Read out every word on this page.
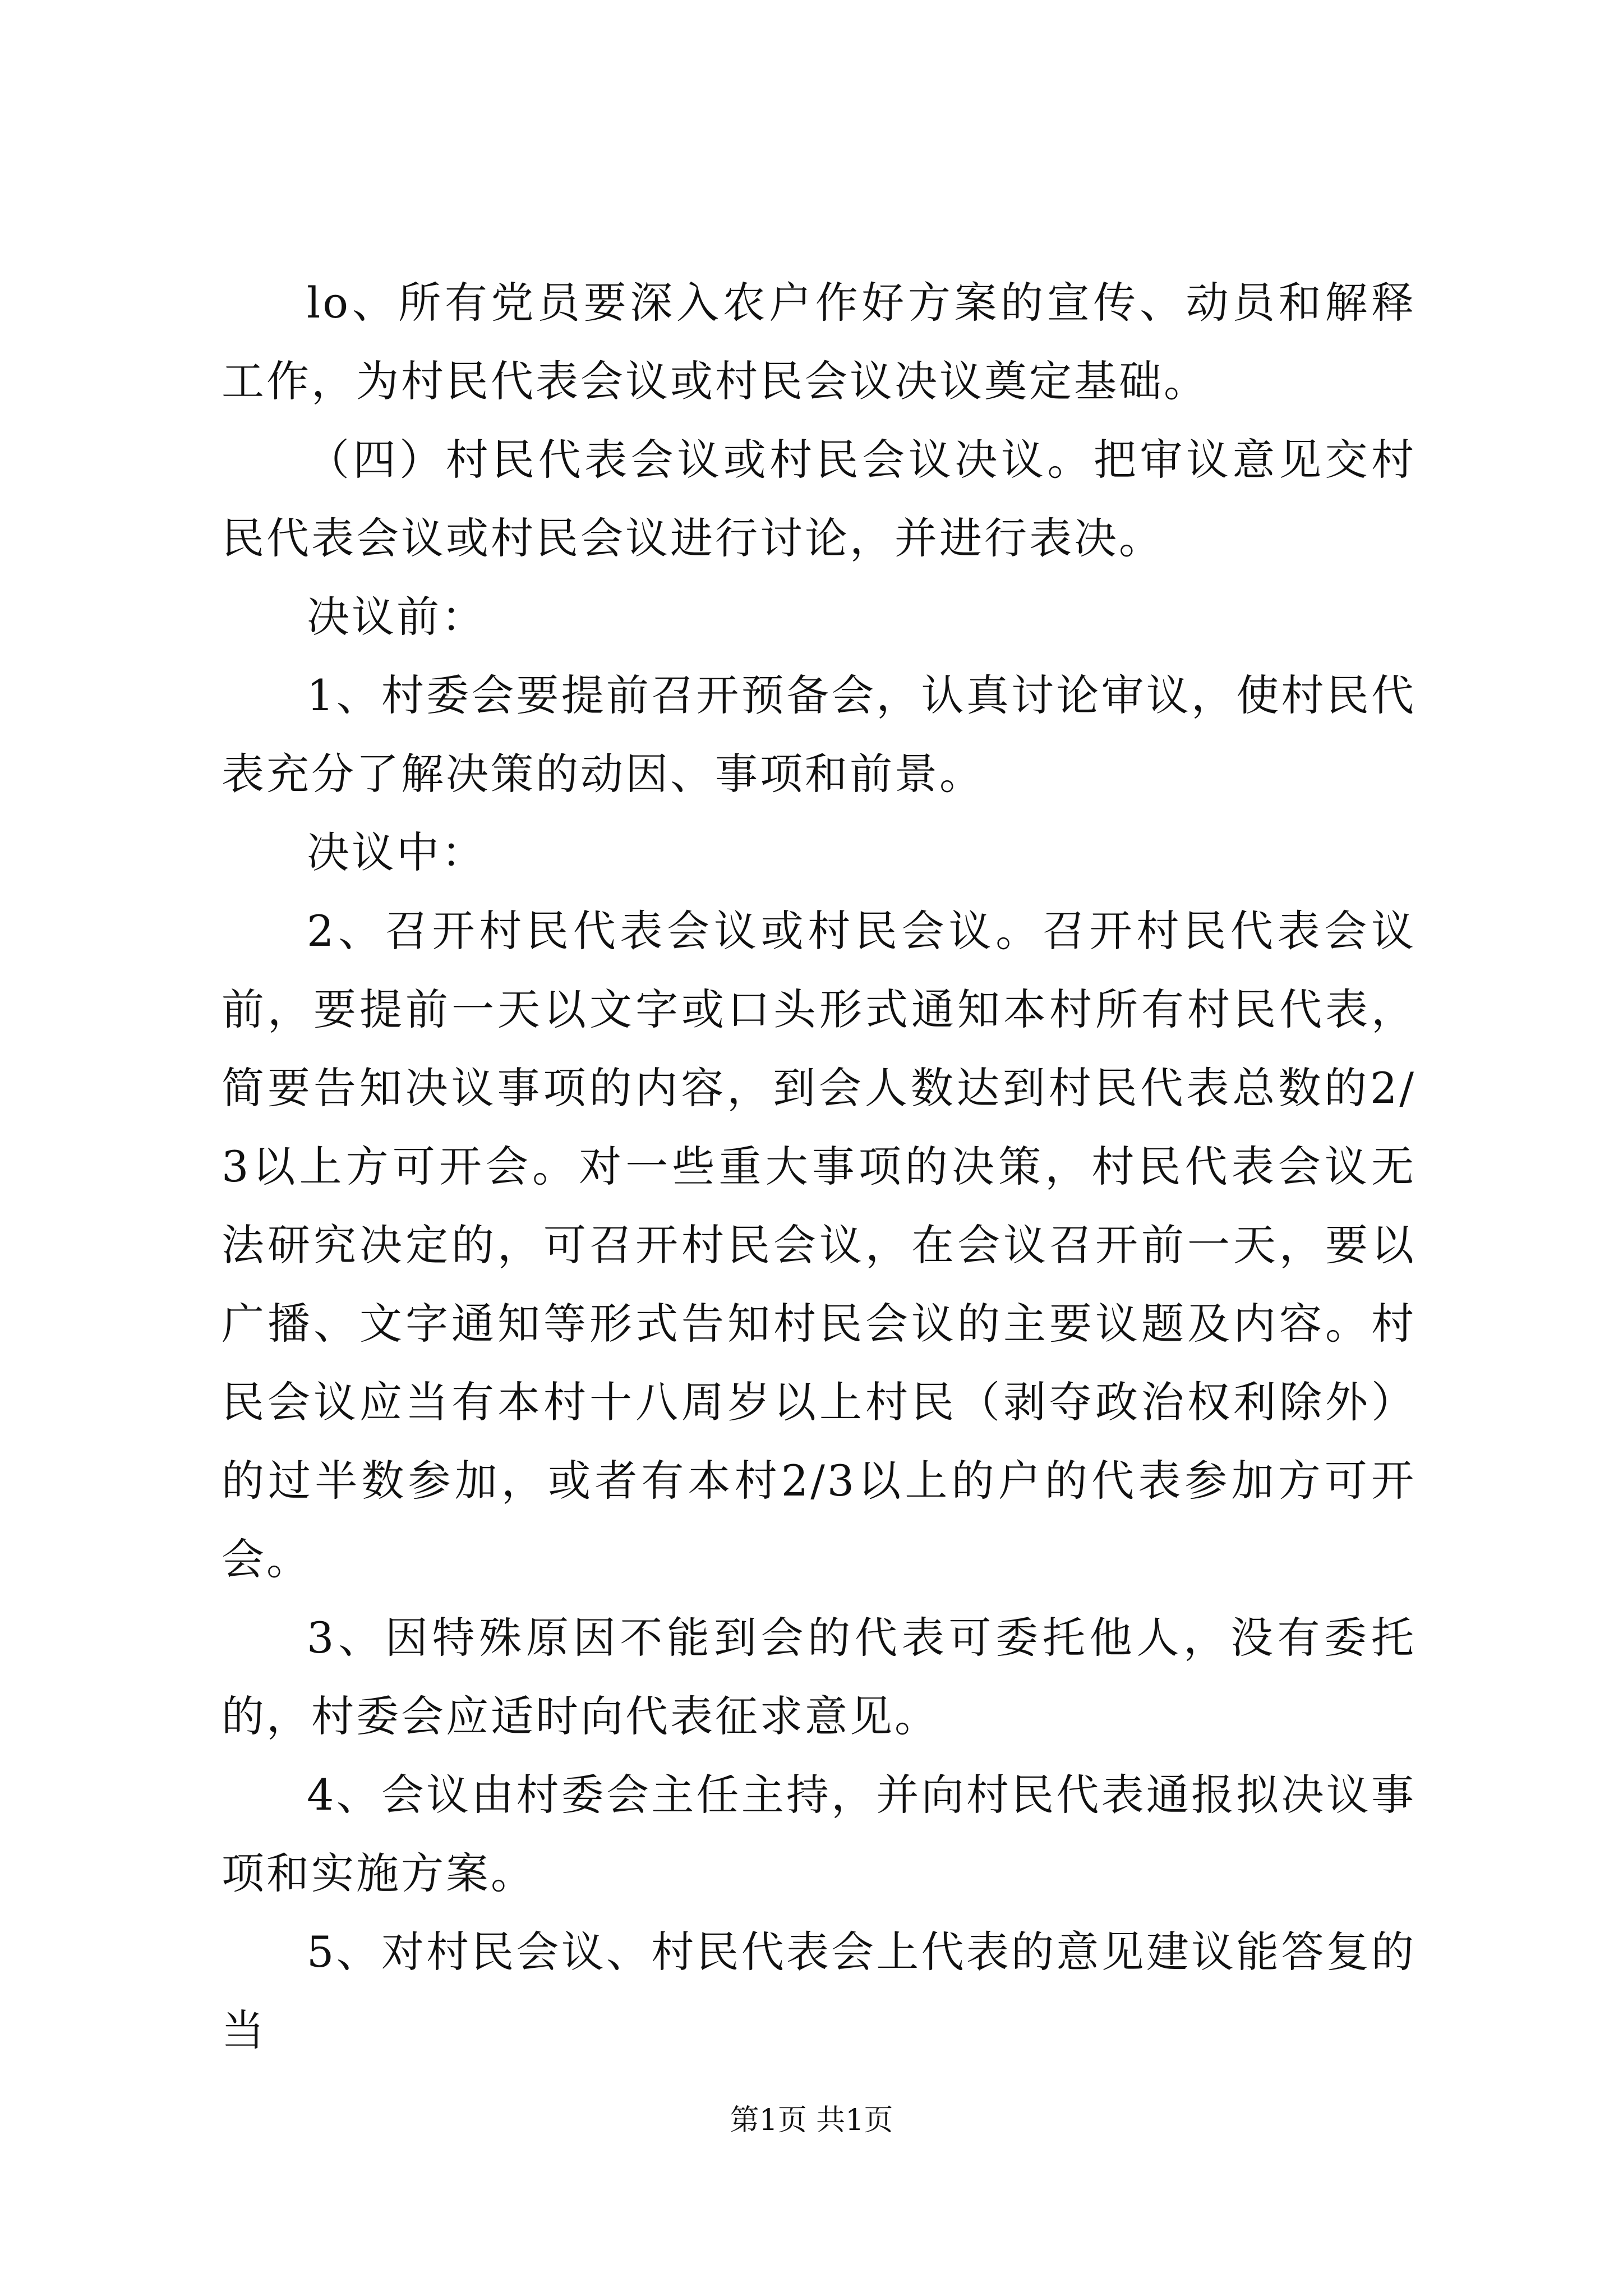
lo、所有党员要深入农户作好方案的宣传、动员和解释工作，为村民代表会议或村民会议决议奠定基础。

（四）村民代表会议或村民会议决议。把审议意见交村民代表会议或村民会议进行讨论，并进行表决。

决议前：

1、村委会要提前召开预备会，认真讨论审议，使村民代表充分了解决策的动因、事项和前景。

决议中：

2、召开村民代表会议或村民会议。召开村民代表会议前，要提前一天以文字或口头形式通知本村所有村民代表，简要告知决议事项的内容，到会人数达到村民代表总数的2/3以上方可开会。对一些重大事项的决策，村民代表会议无法研究决定的，可召开村民会议，在会议召开前一天，要以广播、文字通知等形式告知村民会议的主要议题及内容。村民会议应当有本村十八周岁以上村民（剥夺政治权利除外）的过半数参加，或者有本村2/3以上的户的代表参加方可开会。

3、因特殊原因不能到会的代表可委托他人，没有委托的，村委会应适时向代表征求意见。

4、会议由村委会主任主持，并向村民代表通报拟决议事项和实施方案。

5、对村民会议、村民代表会上代表的意见建议能答复的当

第1页 共1页
